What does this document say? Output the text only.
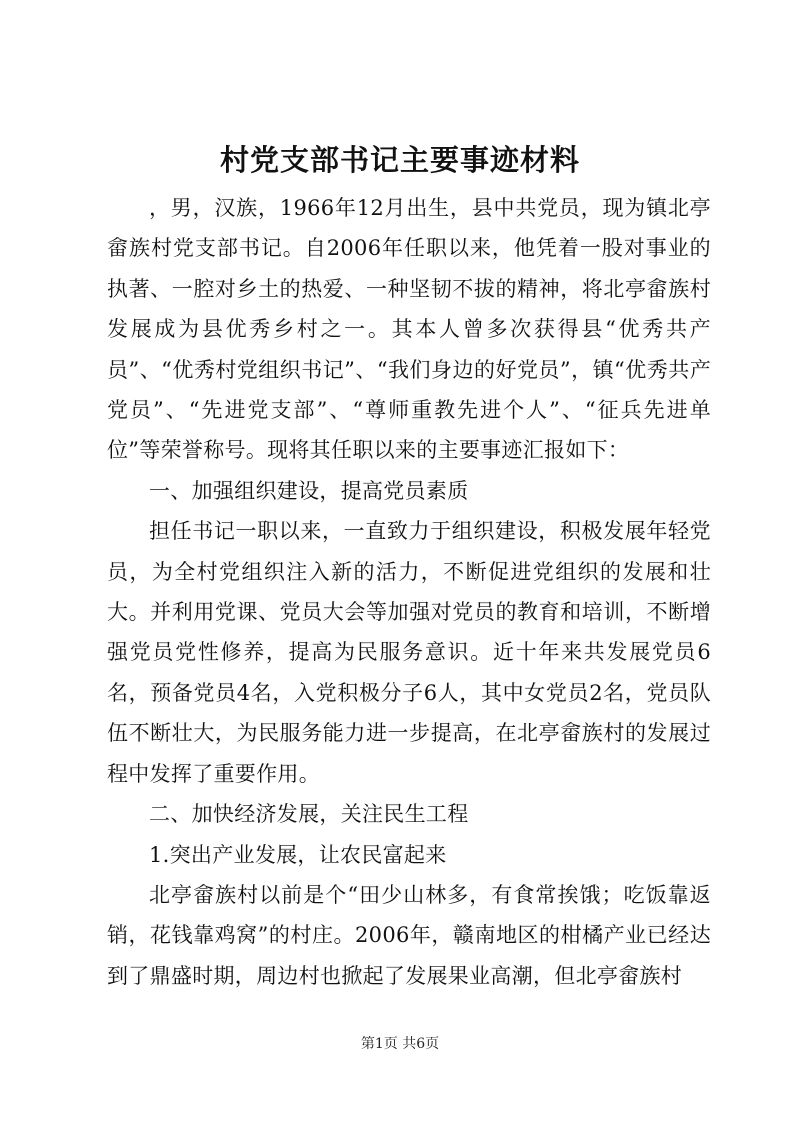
村党支部书记主要事迹材料

，男，汉族，1966年12月出生，县中共党员，现为镇北亭畲族村党支部书记。自2006年任职以来，他凭着一股对事业的执著、一腔对乡土的热爱、一种坚韧不拔的精神，将北亭畲族村发展成为县优秀乡村之一。其本人曾多次获得县“优秀共产员”、“优秀村党组织书记”、“我们身边的好党员”，镇“优秀共产党员”、“先进党支部”、“尊师重教先进个人”、“征兵先进单位”等荣誉称号。现将其任职以来的主要事迹汇报如下：

一、加强组织建设，提高党员素质

担任书记一职以来，一直致力于组织建设，积极发展年轻党员，为全村党组织注入新的活力，不断促进党组织的发展和壮大。并利用党课、党员大会等加强对党员的教育和培训，不断增强党员党性修养，提高为民服务意识。近十年来共发展党员6名，预备党员4名，入党积极分子6人，其中女党员2名，党员队伍不断壮大，为民服务能力进一步提高，在北亭畲族村的发展过程中发挥了重要作用。

二、加快经济发展，关注民生工程

1.突出产业发展，让农民富起来

北亭畲族村以前是个“田少山林多，有食常挨饿；吃饭靠返销，花钱靠鸡窝”的村庄。2006年，赣南地区的柑橘产业已经达到了鼎盛时期，周边村也掀起了发展果业高潮，但北亭畲族村

第1页 共6页
